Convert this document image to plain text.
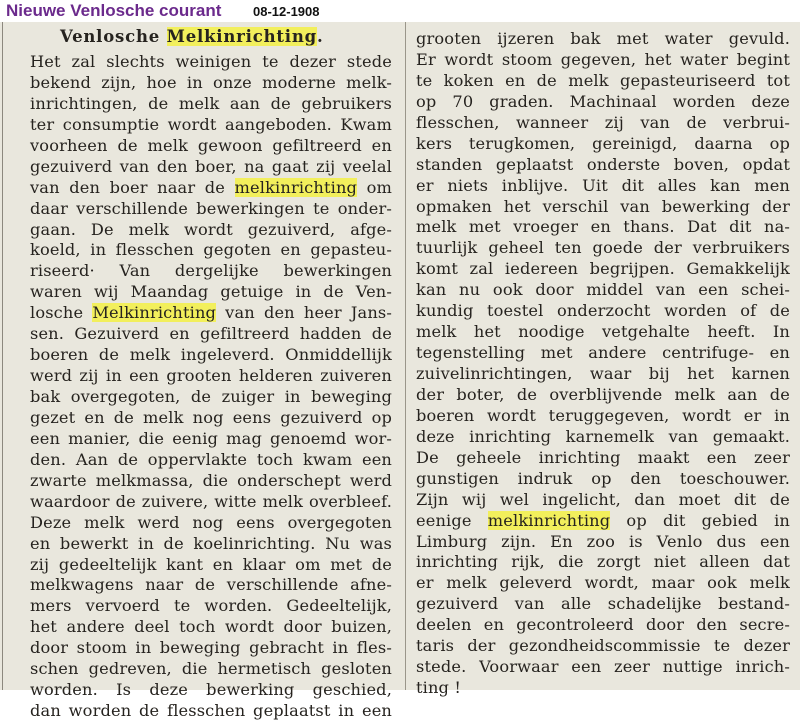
Nieuwe Venlosche courant 08-12-1908
Venlosche Melkinrichting.
Het zal slechts weinigen te dezer stede
bekend zijn, hoe in onze moderne melk-
inrichtingen, de melk aan de gebruikers
ter consumptie wordt aangeboden. Kwam
voorheen de melk gewoon gefiltreerd en
gezuiverd van den boer, na gaat zij veelal
van den boer naar de melkinrichting om
daar verschillende bewerkingen te onder-
gaan. De melk wordt gezuiverd, afge-
koeld, in flesschen gegoten en gepasteu-
riseerd· Van dergelijke bewerkingen
waren wij Maandag getuige in de Ven-
losche Melkinrichting van den heer Jans-
sen. Gezuiverd en gefiltreerd hadden de
boeren de melk ingeleverd. Onmiddellijk
werd zij in een grooten helderen zuiveren
bak overgegoten, de zuiger in beweging
gezet en de melk nog eens gezuiverd op
een manier, die eenig mag genoemd wor-
den. Aan de oppervlakte toch kwam een
zwarte melkmassa, die onderschept werd
waardoor de zuivere, witte melk overbleef.
Deze melk werd nog eens overgegoten
en bewerkt in de koelinrichting. Nu was
zij gedeeltelijk kant en klaar om met de
melkwagens naar de verschillende afne-
mers vervoerd te worden. Gedeeltelijk,
het andere deel toch wordt door buizen,
door stoom in beweging gebracht in fles-
schen gedreven, die hermetisch gesloten
worden. Is deze bewerking geschied,
dan worden de flesschen geplaatst in een
grooten ijzeren bak met water gevuld.
Er wordt stoom gegeven, het water begint
te koken en de melk gepasteuriseerd tot
op 70 graden. Machinaal worden deze
flesschen, wanneer zij van de verbrui-
kers terugkomen, gereinigd, daarna op
standen geplaatst onderste boven, opdat
er niets inblijve. Uit dit alles kan men
opmaken het verschil van bewerking der
melk met vroeger en thans. Dat dit na-
tuurlijk geheel ten goede der verbruikers
komt zal iedereen begrijpen. Gemakkelijk
kan nu ook door middel van een schei-
kundig toestel onderzocht worden of de
melk het noodige vetgehalte heeft. In
tegenstelling met andere centrifuge- en
zuivelinrichtingen, waar bij het karnen
der boter, de overblijvende melk aan de
boeren wordt teruggegeven, wordt er in
deze inrichting karnemelk van gemaakt.
De geheele inrichting maakt een zeer
gunstigen indruk op den toeschouwer.
Zijn wij wel ingelicht, dan moet dit de
eenige melkinrichting op dit gebied in
Limburg zijn. En zoo is Venlo dus een
inrichting rijk, die zorgt niet alleen dat
er melk geleverd wordt, maar ook melk
gezuiverd van alle schadelijke bestand-
deelen en gecontroleerd door den secre-
taris der gezondheidscommissie te dezer
stede. Voorwaar een zeer nuttige inrich-
ting !
